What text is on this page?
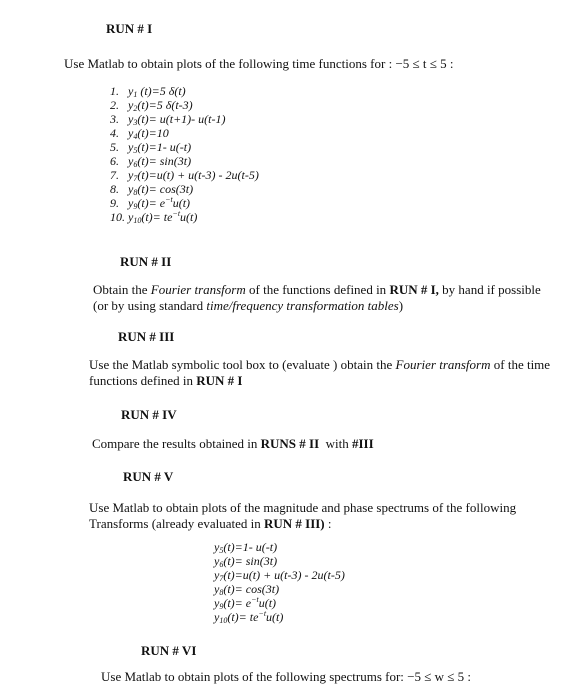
RUN # I
Use Matlab to obtain plots of the following time functions for : −5 ≤ t ≤ 5 :
1. $y_1$ (t)=5 δ(t)
2. $y_2(t)=5$ δ(t-3)
3. $y_3(t)= u(t+1)-$ u(t-1)
4. $y_4(t)=10$
5. $y_5(t)=1-$ u(-t)
6. $y_6(t)= \sin(3t)$
7. $y_7(t)=u(t) + u(t-3) - 2u(t-5)$
8. $y_8(t)= \cos(3t)$
9. $y_9(t)= e^{-t}u(t)$
10. $y_{10}(t)= te^{-t}u(t)$
RUN # II
Obtain the Fourier transform of the functions defined in RUN # I, by hand if possible (or by using standard time/frequency transformation tables)
RUN # III
Use the Matlab symbolic tool box to (evaluate ) obtain the Fourier transform of the time functions defined in RUN # I
RUN # IV
Compare the results obtained in RUNS # II  with #III
RUN # V
Use Matlab to obtain plots of the magnitude and phase spectrums of the following Transforms (already evaluated in RUN # III) :
$y_5(t)=1-$ u(-t)
$y_6(t)= \sin(3t)$
$y_7(t)=u(t) + u(t-3) - 2u(t-5)$
$y_8(t)= \cos(3t)$
$y_9(t)= e^{-t}u(t)$
$y_{10}(t)= te^{-t}u(t)$
RUN # VI
Use Matlab to obtain plots of the following spectrums for: −5 ≤ w ≤ 5 :
